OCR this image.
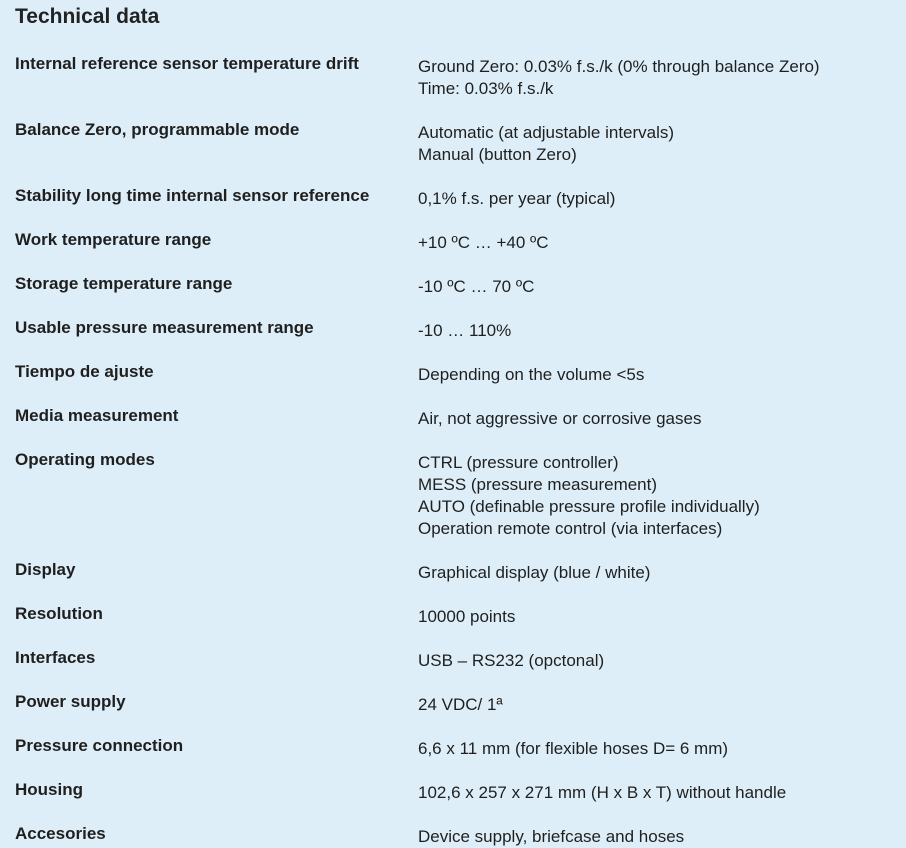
Technical data
Internal reference sensor temperature drift	Ground Zero: 0.03% f.s./k (0% through balance Zero)
Time: 0.03% f.s./k
Balance Zero, programmable mode	Automatic (at adjustable intervals)
Manual (button Zero)
Stability long time internal sensor reference	0,1% f.s. per year (typical)
Work temperature range	+10 ºC … +40 ºC
Storage temperature range	-10 ºC … 70 ºC
Usable pressure measurement range	-10 … 110%
Tiempo de ajuste	Depending on the volume <5s
Media measurement	Air, not aggressive or corrosive gases
Operating modes	CTRL (pressure controller)
MESS (pressure measurement)
AUTO (definable pressure profile individually)
Operation remote control (via interfaces)
Display	Graphical display (blue / white)
Resolution	10000 points
Interfaces	USB – RS232 (opctonal)
Power supply	24 VDC/ 1ª
Pressure connection	6,6 x 11 mm (for flexible hoses D= 6 mm)
Housing	102,6 x 257 x 271 mm (H x B x T) without handle
Accesories	Device supply, briefcase and hoses
